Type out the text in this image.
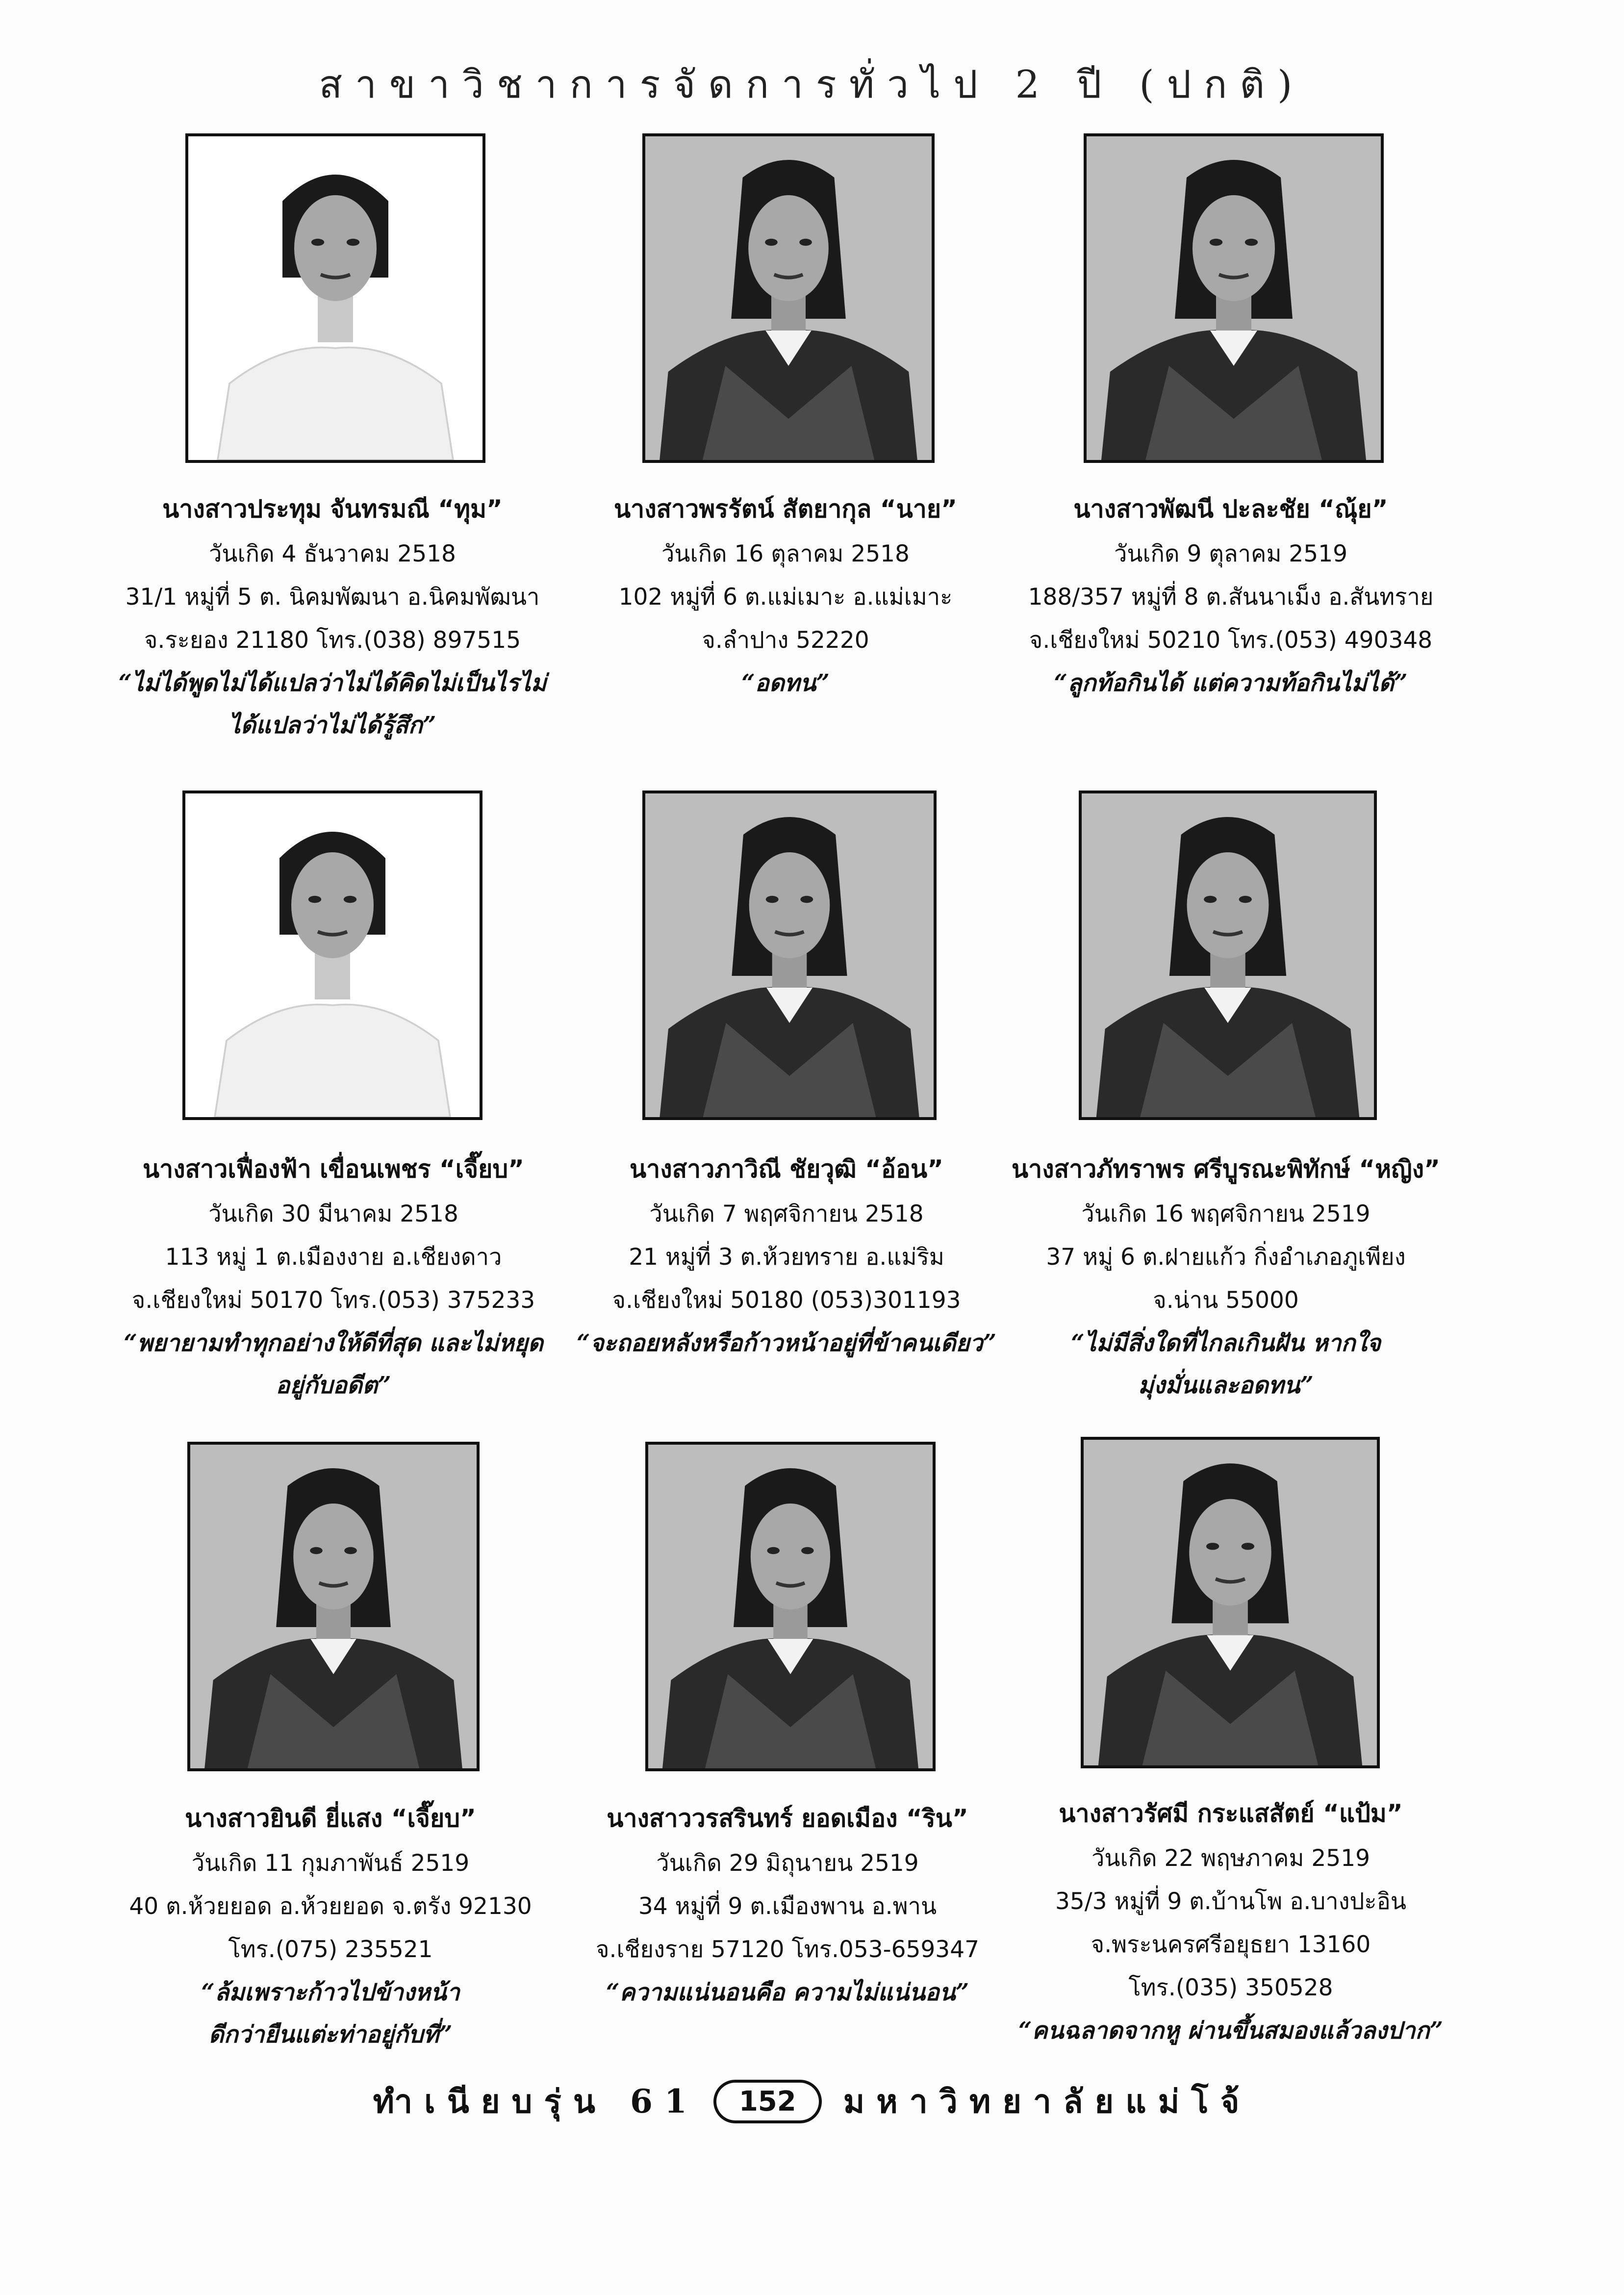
สาขาวิชาการจัดการทั่วไป 2 ปี (ปกติ)
นางสาวประทุม จันทรมณี “ทุม”
วันเกิด 4 ธันวาคม 2518
31/1 หมู่ที่ 5 ต. นิคมพัฒนา อ.นิคมพัฒนา
จ.ระยอง 21180 โทร.(038) 897515
“ไม่ได้พูดไม่ได้แปลว่าไม่ได้คิดไม่เป็นไรไม่
ได้แปลว่าไม่ได้รู้สึก”
นางสาวพรรัตน์ สัตยากุล “นาย”
วันเกิด 16 ตุลาคม 2518
102 หมู่ที่ 6 ต.แม่เมาะ อ.แม่เมาะ
จ.ลำปาง 52220
“อดทน”
นางสาวพัฒนี ปะละชัย “ณุ้ย”
วันเกิด 9 ตุลาคม 2519
188/357 หมู่ที่ 8 ต.สันนาเม็ง อ.สันทราย
จ.เชียงใหม่ 50210 โทร.(053) 490348
“ลูกท้อกินได้ แต่ความท้อกินไม่ได้”
นางสาวเฟื่องฟ้า เขื่อนเพชร “เจี๊ยบ”
วันเกิด 30 มีนาคม 2518
113 หมู่ 1 ต.เมืองงาย อ.เชียงดาว
จ.เชียงใหม่ 50170 โทร.(053) 375233
“พยายามทำทุกอย่างให้ดีที่สุด และไม่หยุด
อยู่กับอดีต”
นางสาวภาวิณี ชัยวุฒิ “อ้อน”
วันเกิด 7 พฤศจิกายน 2518
21 หมู่ที่ 3 ต.ห้วยทราย อ.แม่ริม
จ.เชียงใหม่ 50180 (053)301193
“จะถอยหลังหรือก้าวหน้าอยู่ที่ข้าคนเดียว”
นางสาวภัทราพร ศรีบูรณะพิทักษ์ “หญิง”
วันเกิด 16 พฤศจิกายน 2519
37 หมู่ 6 ต.ฝายแก้ว กิ่งอำเภอภูเพียง
จ.น่าน 55000
“ไม่มีสิ่งใดที่ไกลเกินฝัน หากใจ
มุ่งมั่นและอดทน”
นางสาวยินดี ยี่แสง “เจี๊ยบ”
วันเกิด 11 กุมภาพันธ์ 2519
40 ต.ห้วยยอด อ.ห้วยยอด จ.ตรัง 92130
โทร.(075) 235521
“ล้มเพราะก้าวไปข้างหน้า
ดีกว่ายืนแต่ะท่าอยู่กับที่”
นางสาววรสรินทร์ ยอดเมือง “ริน”
วันเกิด 29 มิถุนายน 2519
34 หมู่ที่ 9 ต.เมืองพาน อ.พาน
จ.เชียงราย 57120 โทร.053-659347
“ความแน่นอนคือ ความไม่แน่นอน”
นางสาวรัศมี กระแสสัตย์ “แป้ม”
วันเกิด 22 พฤษภาคม 2519
35/3 หมู่ที่ 9 ต.บ้านโพ อ.บางปะอิน
จ.พระนครศรีอยุธยา 13160
โทร.(035) 350528
“คนฉลาดจากหู ผ่านขึ้นสมองแล้วลงปาก”
ทำเนียบรุ่น 61	152	มหาวิทยาลัยแม่โจ้
